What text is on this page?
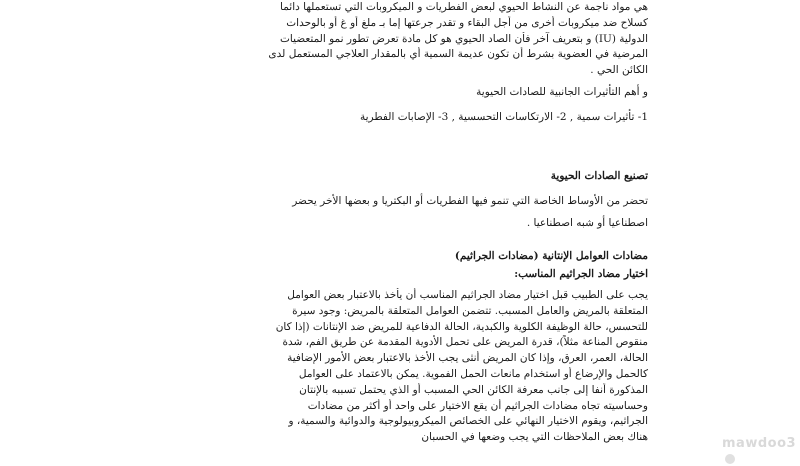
هي مواد ناجمة عن النشاط الحيوي لبعض الفطريات و الميكروبات التي تستعملها دائما
كسلاح ضد ميكروبات أخرى من أجل البقاء و تقدر جرعتها إما بـ ملغ أو غ أو بالوحدات
الدولية (IU) و بتعريف آخر فأن الصاد الحيوي هو كل مادة تعرض تطور نمو المتعضيات
المرضية في العضوية بشرط أن تكون عديمة السمية أي بالمقدار العلاجي المستعمل لدى
الكائن الحي .

و أهم التأثيرات الجانبية للصادات الحيوية

1- تأثيرات سمية , 2- الارتكاسات التحسسية , 3- الإصابات الفطرية

تصنيع الصادات الحيوية

تحضر من الأوساط الخاصة التي تنمو فيها الفطريات أو البكتريا و بعضها الأخر يحضر
اصطناعيا أو شبه اصطناعيا .

مضادات العوامل الإنتانية (مضادات الجراثيم)

اختيار مضاد الجراثيم المناسب:

يجب على الطبيب قبل اختيار مضاد الجراثيم المناسب أن يأخذ بالاعتبار بعض العوامل
المتعلقة بالمريض والعامل المسبب. تتضمن العوامل المتعلقة بالمريض: وجود سيرة
للتحسس، حالة الوظيفة الكلوية والكبدية، الحالة الدفاعية للمريض ضد الإنتانات (إذا كان
منقوص المناعة مثلاً)، قدرة المريض على تحمل الأدوية المقدمة عن طريق الفم، شدة
الحالة، العمر، العرق، وإذا كان المريض أنثى يجب الأخذ بالاعتبار بعض الأمور الإضافية
كالحمل والإرضاع أو استخدام مانعات الحمل الفموية. يمكن بالاعتماد على العوامل
المذكورة أنفا إلى جانب معرفة الكائن الحي المسبب أو الذي يحتمل تسببه بالإنتان
وحساسيته تجاه مضادات الجراثيم أن يقع الاختيار على واحد أو أكثر من مضادات
الجراثيم، ويقوم الاختيار النهائي على الخصائص الميكروبيولوجية والدوائية والسمية، و
هناك بعض الملاحظات التي يجب وضعها في الحسبان	mawdoo3
